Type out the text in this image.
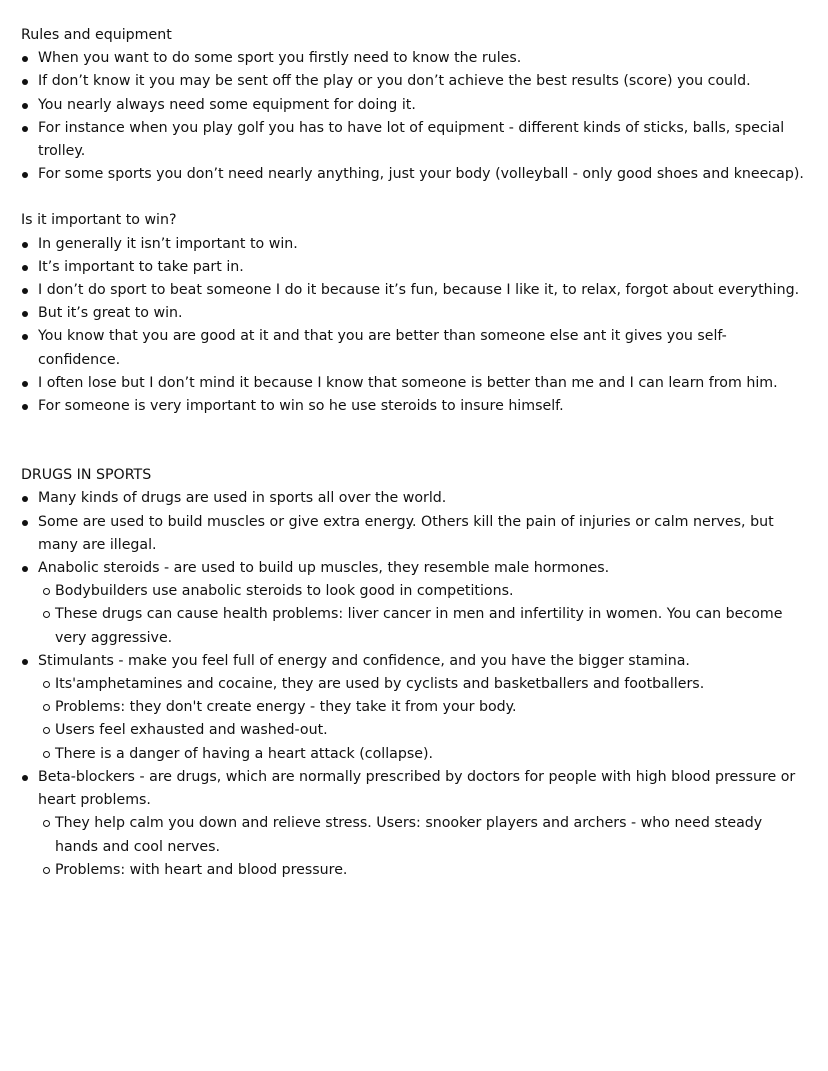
Rules and equipment

When you want to do some sport you firstly need to know the rules.
If don’t know it you may be sent off the play or you don’t achieve the best results (score) you could.
You nearly always need some equipment for doing it.
For instance when you play golf you has to have lot of equipment - different kinds of sticks, balls, special trolley.
For some sports you don’t need nearly anything, just your body (volleyball - only good shoes and kneecap).

Is it important to win?

In generally it isn’t important to win.
It’s important to take part in.
I don’t do sport to beat someone I do it because it’s fun, because I like it, to relax, forgot about everything.
But it’s great to win.
You know that you are good at it and that you are better than someone else ant it gives you self-confidence.
I often lose but I don’t mind it because I know that someone is better than me and I can learn from him.
For someone is very important to win so he use steroids to insure himself.

DRUGS IN SPORTS

Many kinds of drugs are used in sports all over the world.
Some are used to build muscles or give extra energy. Others kill the pain of injuries or calm nerves, but many are illegal.
Anabolic steroids - are used to build up muscles, they resemble male hormones.
Bodybuilders use anabolic steroids to look good in competitions.
These drugs can cause health problems: liver cancer in men and infertility in women. You can become very aggressive.
Stimulants - make you feel full of energy and confidence, and you have the bigger stamina.
Its'amphetamines and cocaine, they are used by cyclists and basketballers and footballers.
Problems: they don't create energy - they take it from your body.
Users feel exhausted and washed-out.
There is a danger of having a heart attack (collapse).
Beta-blockers - are drugs, which are normally prescribed by doctors for people with high blood pressure or heart problems.
They help calm you down and relieve stress. Users: snooker players and archers - who need steady hands and cool nerves.
Problems: with heart and blood pressure.
